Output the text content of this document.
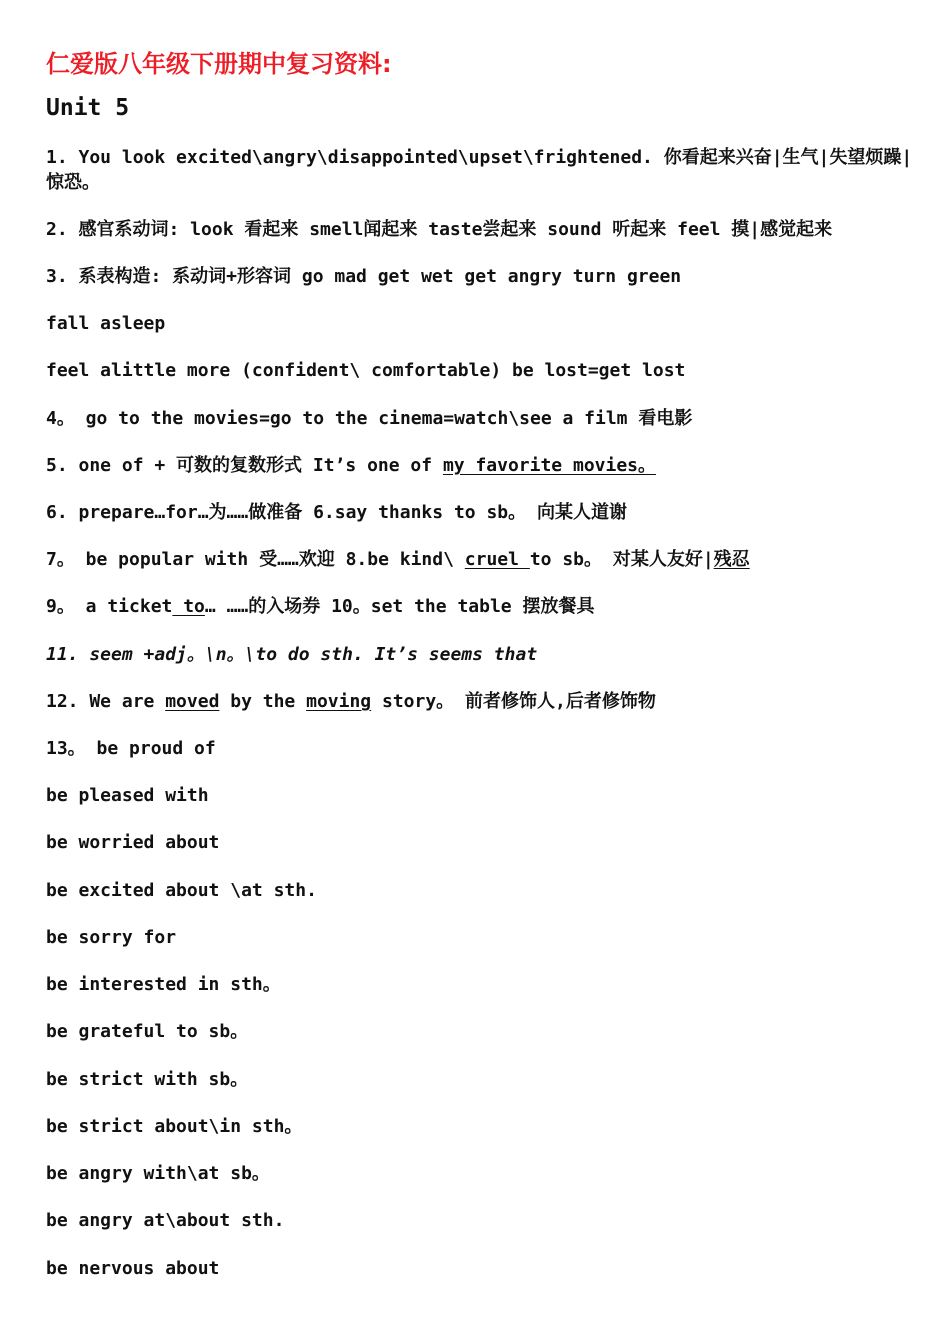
仁爱版八年级下册期中复习资料:
Unit 5
1. You look excited\angry\disappointed\upset\frightened. 你看起来兴奋|生气|失望烦躁|惊恐。
2. 感官系动词: look 看起来 smell闻起来 taste尝起来 sound 听起来 feel 摸|感觉起来
3. 系表构造: 系动词+形容词 go mad get wet get angry turn green
fall asleep
feel alittle more (confident\ comfortable) be lost=get lost
4。 go to the movies=go to the cinema=watch\see a film 看电影
5. one of + 可数的复数形式 It’s one of my favorite movies。
6. prepare…for…为……做准备 6.say thanks to sb。 向某人道谢
7。 be popular with 受……欢迎 8.be kind\ cruel to sb。 对某人友好|残忍
9。 a ticket to… ……的入场券 10。set the table 摆放餐具
11. seem +adj。\n。\to do sth. It’s seems that
12. We are moved by the moving story。 前者修饰人,后者修饰物
13。 be proud of
be pleased with
be worried about
be excited about \at sth.
be sorry for
be interested in sth。
be grateful to sb。
be strict with sb。
be strict about\in sth。
be angry with\at sb。
be angry at\about sth.
be nervous about
